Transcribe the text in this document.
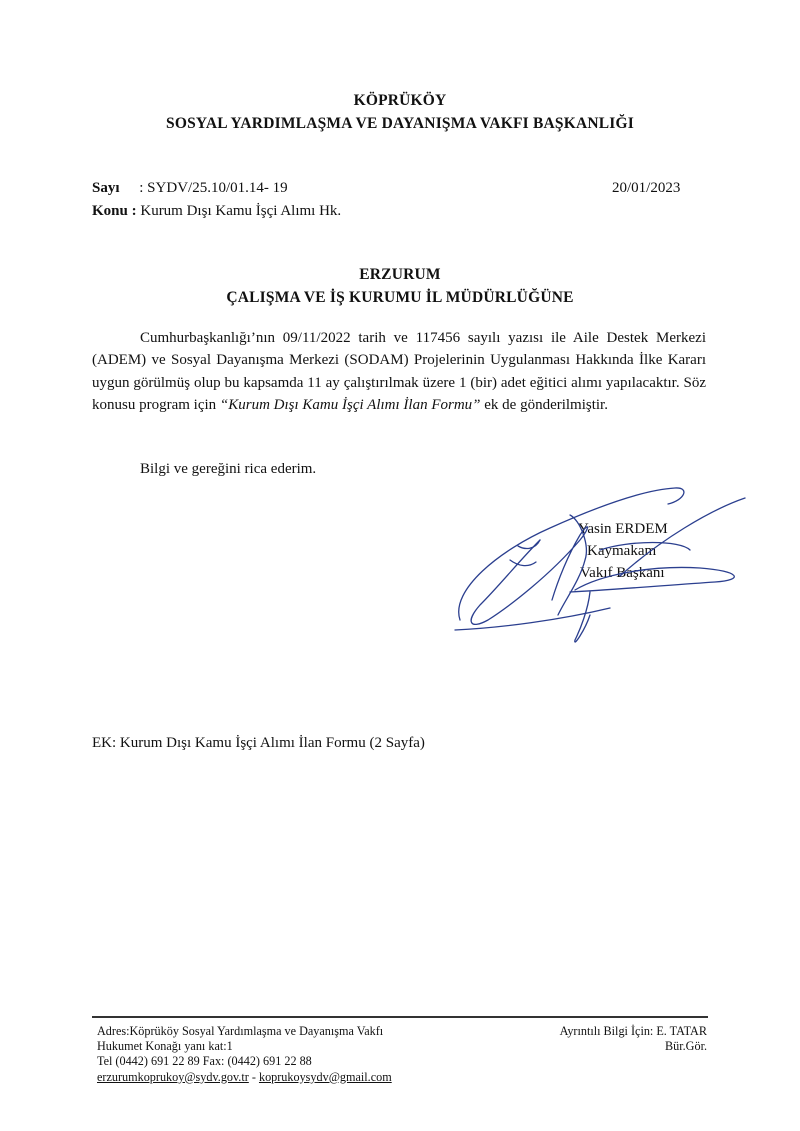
KÖPRÜKÖY
SOSYAL YARDIMLAŞMA VE DAYANIŞMA VAKFI BAŞKANLIĞI
Sayı : SYDV/25.10/01.14- 19
Konu : Kurum Dışı Kamu İşçi Alımı Hk.
20/01/2023
ERZURUM
ÇALIŞMA VE İŞ KURUMU İL MÜDÜRLÜĞÜNE
Cumhurbaşkanlığı’nın 09/11/2022 tarih ve 117456 sayılı yazısı ile Aile Destek Merkezi (ADEM) ve Sosyal Dayanışma Merkezi (SODAM) Projelerinin Uygulanması Hakkında İlke Kararı uygun görülmüş olup bu kapsamda 11 ay çalıştırılmak üzere 1 (bir) adet eğitici alımı yapılacaktır. Söz konusu program için “Kurum Dışı Kamu İşçi Alımı İlan Formu” ek de gönderilmiştir.
Bilgi ve gereğini rica ederim.
Yasin ERDEM
Kaymakam
Vakıf Başkanı
EK: Kurum Dışı Kamu İşçi Alımı İlan Formu (2 Sayfa)
Adres:Köprüköy Sosyal Yardımlaşma ve Dayanışma Vakfı
Hukumet Konağı yanı kat:1
Tel (0442) 691 22 89 Fax: (0442) 691 22 88
erzurumkoprukoy@sydv.gov.tr - koprukoysydv@gmail.com
Ayrıntılı Bilgi İçin: E. TATAR
Bür.Gör.
